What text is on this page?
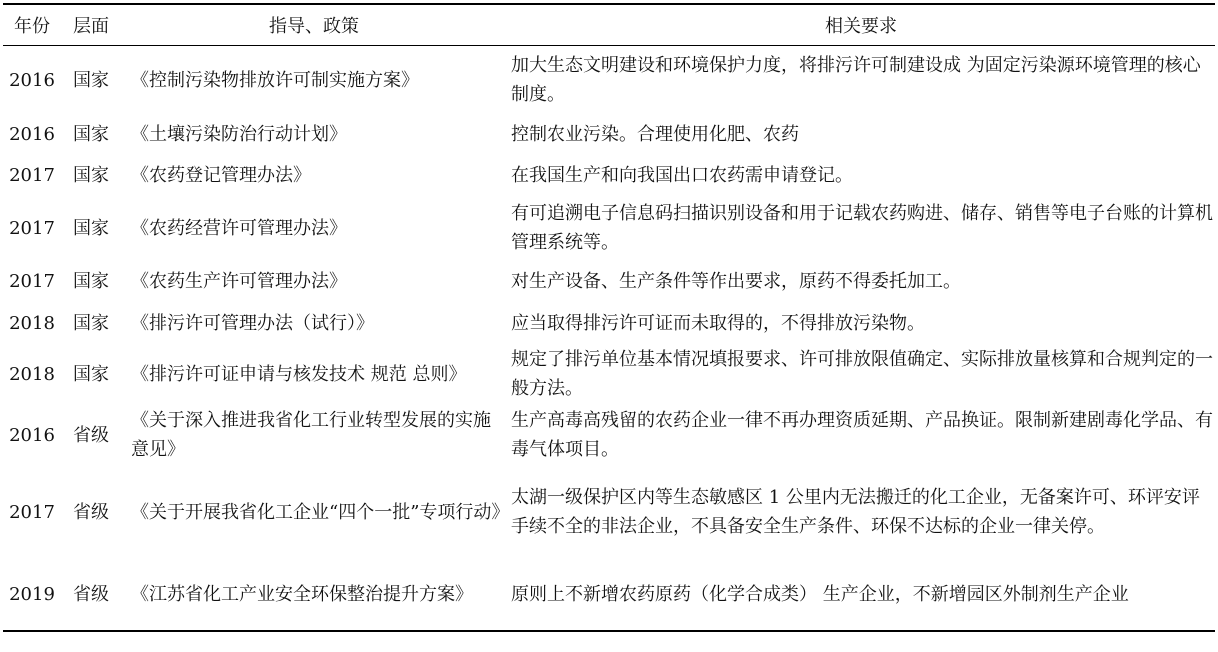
年份	层面	指导、政策	相关要求
2016	国家	《控制污染物排放许可制实施方案》	加大生态文明建设和环境保护力度，将排污许可制建设成 为固定污染源环境管理的核心制度。
2016	国家	《土壤污染防治行动计划》	控制农业污染。合理使用化肥、农药
2017	国家	《农药登记管理办法》	在我国生产和向我国出口农药需申请登记。
2017	国家	《农药经营许可管理办法》	有可追溯电子信息码扫描识别设备和用于记载农药购进、储存、销售等电子台账的计算机管理系统等。
2017	国家	《农药生产许可管理办法》	对生产设备、生产条件等作出要求，原药不得委托加工。
2018	国家	《排污许可管理办法（试行）》	应当取得排污许可证而未取得的，不得排放污染物。
2018	国家	《排污许可证申请与核发技术 规范 总则》	规定了排污单位基本情况填报要求、许可排放限值确定、实际排放量核算和合规判定的一般方法。
2016	省级	《关于深入推进我省化工行业转型发展的实施意见》	生产高毒高残留的农药企业一律不再办理资质延期、产品换证。限制新建剧毒化学品、有毒气体项目。
2017	省级	《关于开展我省化工企业“四个一批”专项行动》	太湖一级保护区内等生态敏感区 1 公里内无法搬迁的化工企业，无备案许可、环评安评手续不全的非法企业，不具备安全生产条件、环保不达标的企业一律关停。
2019	省级	《江苏省化工产业安全环保整治提升方案》	原则上不新增农药原药（化学合成类） 生产企业，不新增园区外制剂生产企业
